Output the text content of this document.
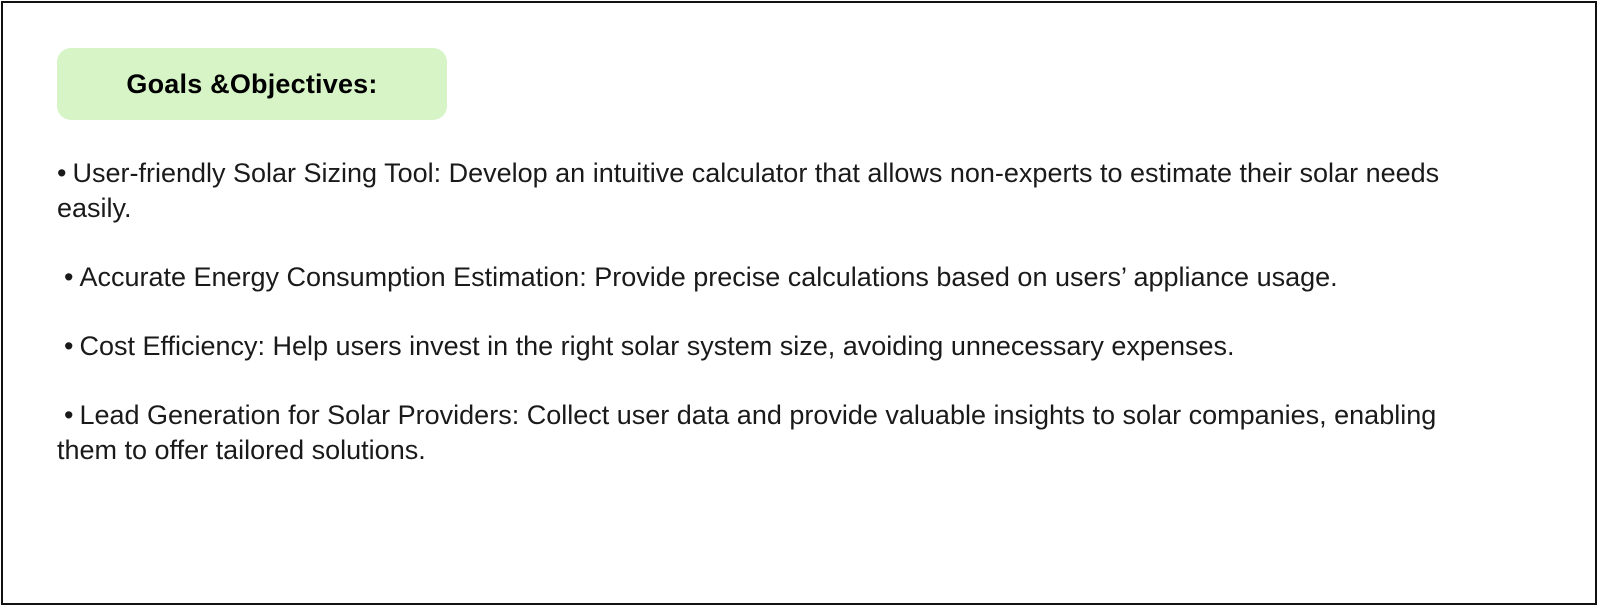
Goals &Objectives:
• User-friendly Solar Sizing Tool: Develop an intuitive calculator that allows non-experts to estimate their solar needs easily.
• Accurate Energy Consumption Estimation: Provide precise calculations based on users’ appliance usage.
• Cost Efficiency: Help users invest in the right solar system size, avoiding unnecessary expenses.
• Lead Generation for Solar Providers: Collect user data and provide valuable insights to solar companies, enabling them to offer tailored solutions.
